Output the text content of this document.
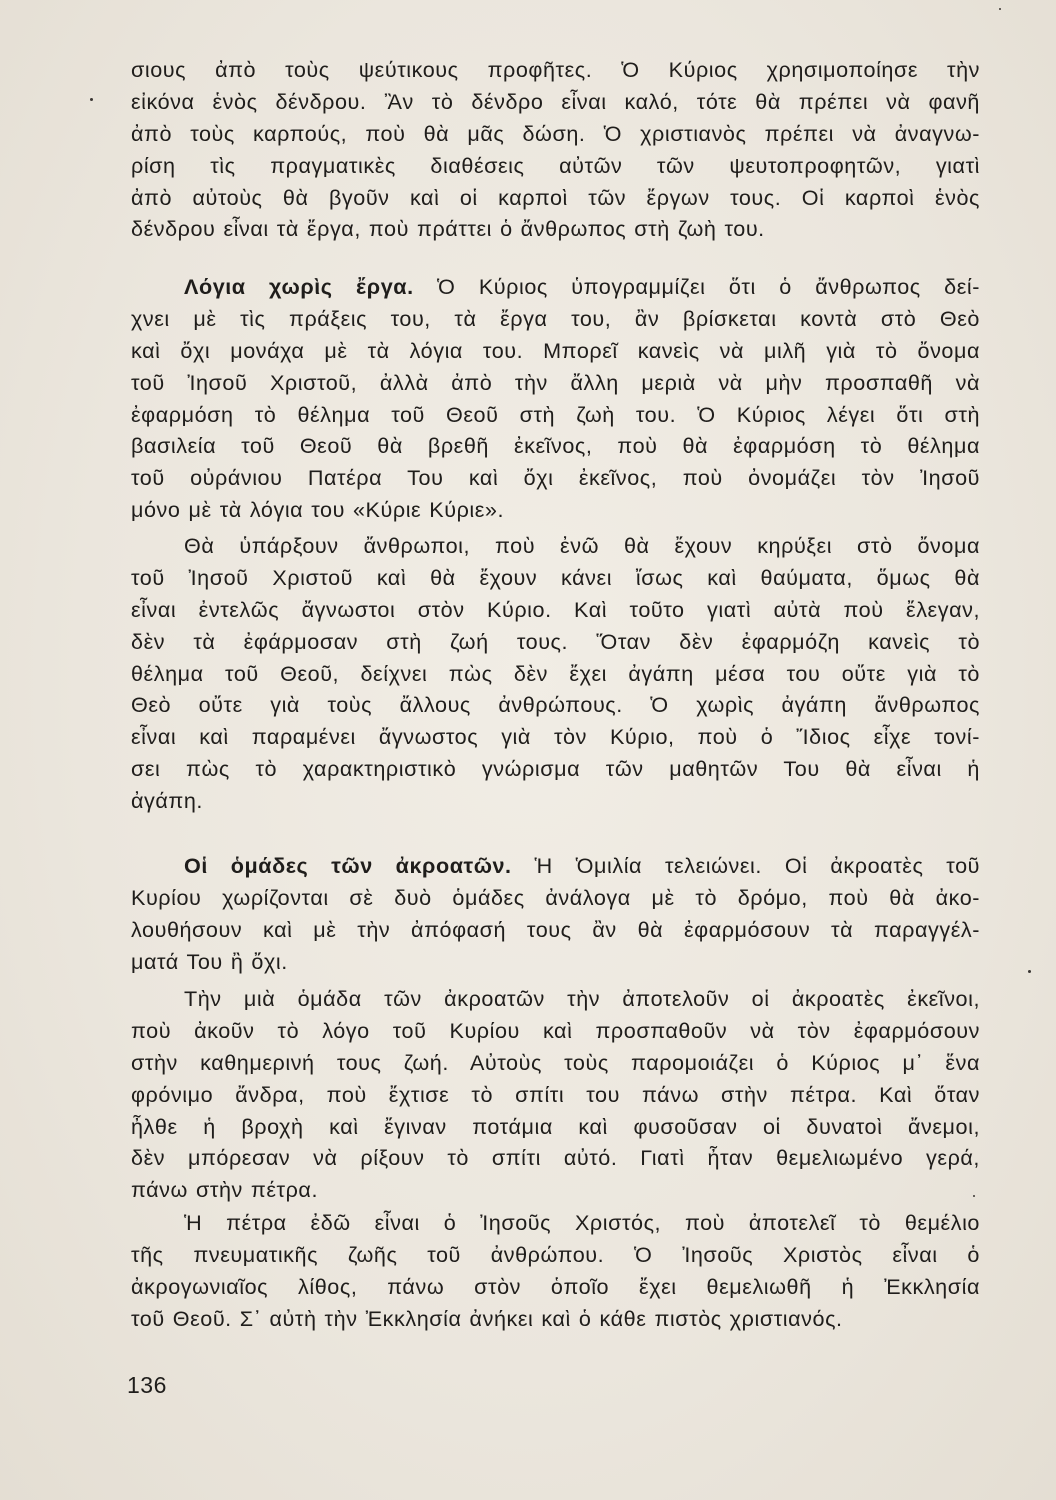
σιους ἀπὸ τοὺς ψεύτικους προφῆτες. Ὁ Κύριος χρησιμοποίησε τὴν
εἰκόνα ἑνὸς δένδρου. Ἂν τὸ δένδρο εἶναι καλό, τότε θὰ πρέπει νὰ φανῆ
ἀπὸ τοὺς καρπούς, ποὺ θὰ μᾶς δώση. Ὁ χριστιανὸς πρέπει νὰ ἀναγνω-
ρίση τὶς πραγματικὲς διαθέσεις αὐτῶν τῶν ψευτοπροφητῶν, γιατὶ
ἀπὸ αὐτοὺς θὰ βγοῦν καὶ οἱ καρποὶ τῶν ἔργων τους. Οἱ καρποὶ ἑνὸς
δένδρου εἶναι τὰ ἔργα, ποὺ πράττει ὁ ἄνθρωπος στὴ ζωὴ του.
Λόγια χωρὶς ἔργα. Ὁ Κύριος ὑπογραμμίζει ὅτι ὁ ἄνθρωπος δεί-
χνει μὲ τὶς πράξεις του, τὰ ἔργα του, ἂν βρίσκεται κοντὰ στὸ Θεὸ
καὶ ὄχι μονάχα μὲ τὰ λόγια του. Μπορεῖ κανεὶς νὰ μιλῆ γιὰ τὸ ὄνομα
τοῦ Ἰησοῦ Χριστοῦ, ἀλλὰ ἀπὸ τὴν ἄλλη μεριὰ νὰ μὴν προσπαθῆ νὰ
ἐφαρμόση τὸ θέλημα τοῦ Θεοῦ στὴ ζωὴ του. Ὁ Κύριος λέγει ὅτι στὴ
βασιλεία τοῦ Θεοῦ θὰ βρεθῆ ἐκεῖνος, ποὺ θὰ ἐφαρμόση τὸ θέλημα
τοῦ οὐράνιου Πατέρα Του καὶ ὄχι ἐκεῖνος, ποὺ ὀνομάζει τὸν Ἰησοῦ
μόνο μὲ τὰ λόγια του «Κύριε Κύριε».
Θὰ ὑπάρξουν ἄνθρωποι, ποὺ ἐνῶ θὰ ἔχουν κηρύξει στὸ ὄνομα
τοῦ Ἰησοῦ Χριστοῦ καὶ θὰ ἔχουν κάνει ἴσως καὶ θαύματα, ὅμως θὰ
εἶναι ἐντελῶς ἄγνωστοι στὸν Κύριο. Καὶ τοῦτο γιατὶ αὐτὰ ποὺ ἔλεγαν,
δὲν τὰ ἐφάρμοσαν στὴ ζωή τους. Ὅταν δὲν ἐφαρμόζη κανεὶς τὸ
θέλημα τοῦ Θεοῦ, δείχνει πὼς δὲν ἔχει ἀγάπη μέσα του οὔτε γιὰ τὸ
Θεὸ οὔτε γιὰ τοὺς ἄλλους ἀνθρώπους. Ὁ χωρὶς ἀγάπη ἄνθρωπος
εἶναι καὶ παραμένει ἄγνωστος γιὰ τὸν Κύριο, ποὺ ὁ Ἴδιος εἶχε τονί-
σει πὼς τὸ χαρακτηριστικὸ γνώρισμα τῶν μαθητῶν Του θὰ εἶναι ἡ
ἀγάπη.
Οἱ ὁμάδες τῶν ἀκροατῶν. Ἡ Ὁμιλία τελειώνει. Οἱ ἀκροατὲς τοῦ
Κυρίου χωρίζονται σὲ δυὸ ὁμάδες ἀνάλογα μὲ τὸ δρόμο, ποὺ θὰ ἀκο-
λουθήσουν καὶ μὲ τὴν ἀπόφασή τους ἂν θὰ ἐφαρμόσουν τὰ παραγγέλ-
ματά Του ἢ ὄχι.
Τὴν μιὰ ὁμάδα τῶν ἀκροατῶν τὴν ἀποτελοῦν οἱ ἀκροατὲς ἐκεῖνοι,
ποὺ ἀκοῦν τὸ λόγο τοῦ Κυρίου καὶ προσπαθοῦν νὰ τὸν ἐφαρμόσουν
στὴν καθημερινή τους ζωή. Αὐτοὺς τοὺς παρομοιάζει ὁ Κύριος μ᾽ ἕνα
φρόνιμο ἄνδρα, ποὺ ἔχτισε τὸ σπίτι του πάνω στὴν πέτρα. Καὶ ὅταν
ἦλθε ἡ βροχὴ καὶ ἔγιναν ποτάμια καὶ φυσοῦσαν οἱ δυνατοὶ ἄνεμοι,
δὲν μπόρεσαν νὰ ρίξουν τὸ σπίτι αὐτό. Γιατὶ ἦταν θεμελιωμένο γερά,
πάνω στὴν πέτρα.
Ἡ πέτρα ἐδῶ εἶναι ὁ Ἰησοῦς Χριστός, ποὺ ἀποτελεῖ τὸ θεμέλιο
τῆς πνευματικῆς ζωῆς τοῦ ἀνθρώπου. Ὁ Ἰησοῦς Χριστὸς εἶναι ὁ
ἀκρογωνιαῖος λίθος, πάνω στὸν ὁποῖο ἔχει θεμελιωθῆ ἡ Ἐκκλησία
τοῦ Θεοῦ. Σ᾽ αὐτὴ τὴν Ἐκκλησία ἀνήκει καὶ ὁ κάθε πιστὸς χριστιανός.
136
